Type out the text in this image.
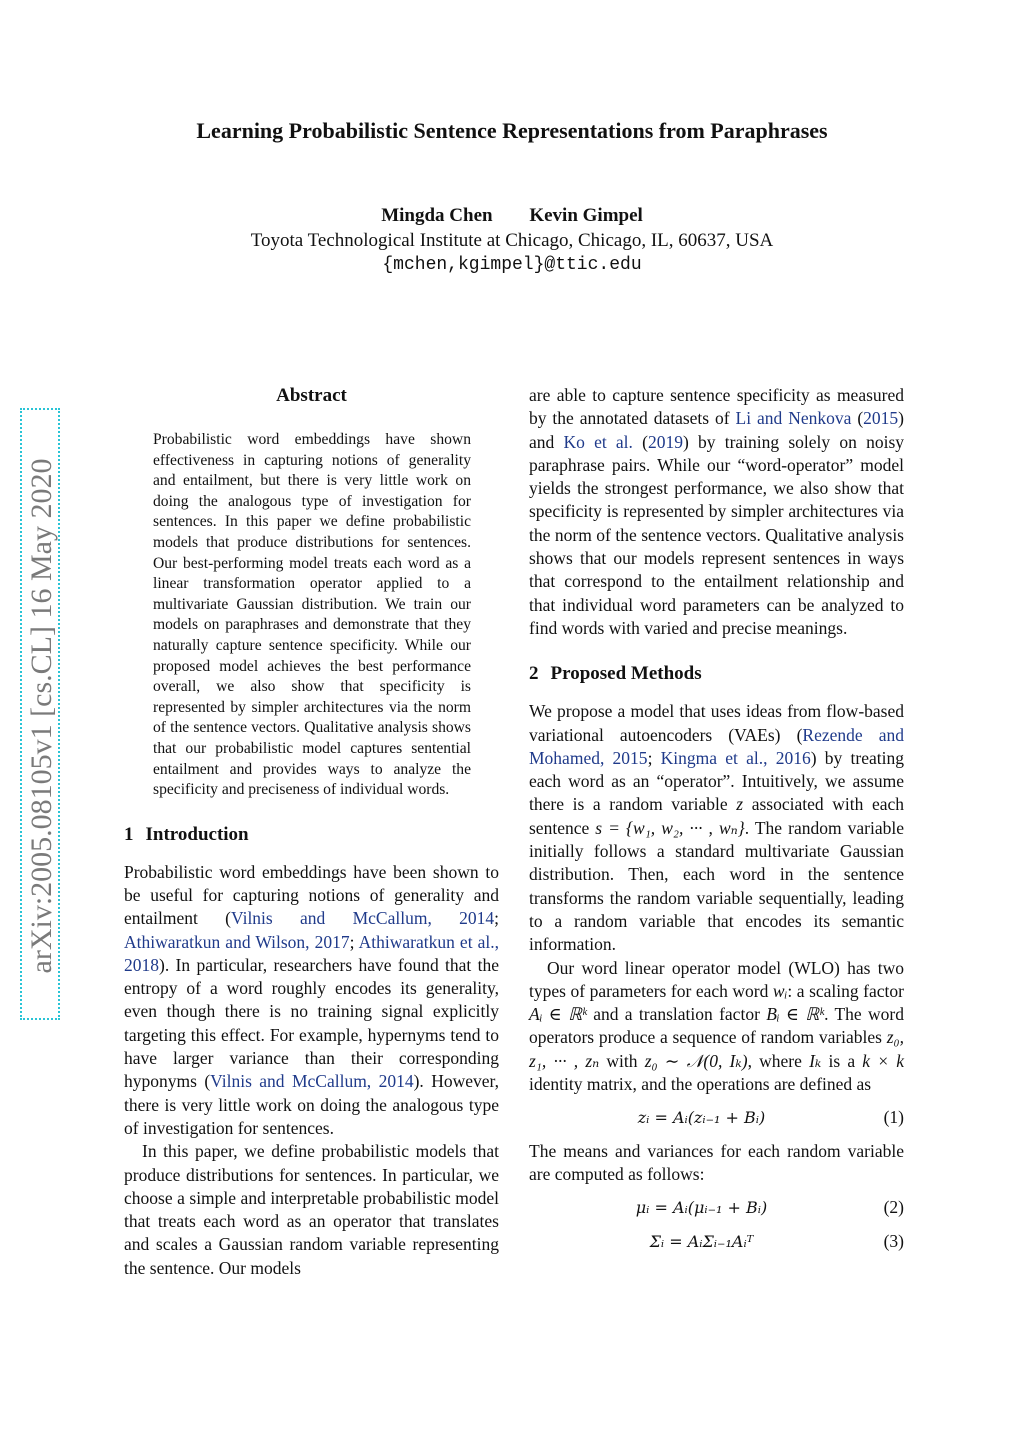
Learning Probabilistic Sentence Representations from Paraphrases
Mingda Chen Kevin Gimpel
Toyota Technological Institute at Chicago, Chicago, IL, 60637, USA
{mchen,kgimpel}@ttic.edu
arXiv:2005.08105v1 [cs.CL] 16 May 2020
Abstract

Probabilistic word embeddings have shown effectiveness in capturing notions of generality and entailment, but there is very little work on doing the analogous type of investigation for sentences. In this paper we define probabilistic models that produce distributions for sentences. Our best-performing model treats each word as a linear transformation operator applied to a multivariate Gaussian distribution. We train our models on paraphrases and demonstrate that they naturally capture sentence specificity. While our proposed model achieves the best performance overall, we also show that specificity is represented by simpler architectures via the norm of the sentence vectors. Qualitative analysis shows that our probabilistic model captures sentential entailment and provides ways to analyze the specificity and preciseness of individual words.

1 Introduction

Probabilistic word embeddings have been shown to be useful for capturing notions of generality and entailment (Vilnis and McCallum, 2014; Athiwaratkun and Wilson, 2017; Athiwaratkun et al., 2018). In particular, researchers have found that the entropy of a word roughly encodes its generality, even though there is no training signal explicitly targeting this effect. For example, hypernyms tend to have larger variance than their corresponding hyponyms (Vilnis and McCallum, 2014). However, there is very little work on doing the analogous type of investigation for sentences.

In this paper, we define probabilistic models that produce distributions for sentences. In particular, we choose a simple and interpretable probabilistic model that treats each word as an operator that translates and scales a Gaussian random variable representing the sentence. Our models

are able to capture sentence specificity as measured by the annotated datasets of Li and Nenkova (2015) and Ko et al. (2019) by training solely on noisy paraphrase pairs. While our “word-operator” model yields the strongest performance, we also show that specificity is represented by simpler architectures via the norm of the sentence vectors. Qualitative analysis shows that our models represent sentences in ways that correspond to the entailment relationship and that individual word parameters can be analyzed to find words with varied and precise meanings.

2 Proposed Methods

We propose a model that uses ideas from flow-based variational autoencoders (VAEs) (Rezende and Mohamed, 2015; Kingma et al., 2016) by treating each word as an “operator”. Intuitively, we assume there is a random variable z associated with each sentence s = {w₁, w₂, ··· , wₙ}. The random variable initially follows a standard multivariate Gaussian distribution. Then, each word in the sentence transforms the random variable sequentially, leading to a random variable that encodes its semantic information.

Our word linear operator model (WLO) has two types of parameters for each word wᵢ: a scaling factor Aᵢ ∈ ℝᵏ and a translation factor Bᵢ ∈ ℝᵏ. The word operators produce a sequence of random variables z₀, z₁, ··· , zₙ with z₀ ∼ 𝒩(0, Iₖ), where Iₖ is a k × k identity matrix, and the operations are defined as

zᵢ = Aᵢ(zᵢ₋₁ + Bᵢ)	(1)

The means and variances for each random variable are computed as follows:

μᵢ = Aᵢ(μᵢ₋₁ + Bᵢ)	(2)
Σᵢ = AᵢΣᵢ₋₁Aᵢᵀ	(3)
